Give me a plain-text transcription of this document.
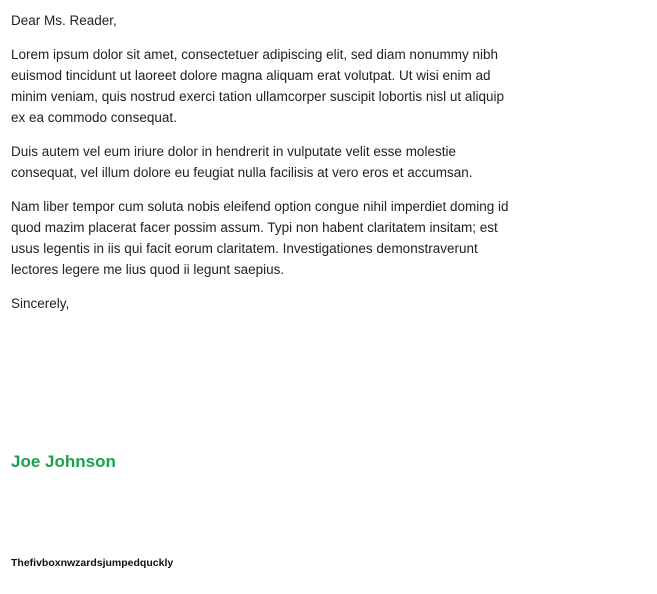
Dear Ms. Reader,

Lorem ipsum dolor sit amet, consectetuer adipiscing elit, sed diam nonummy nibh euismod tincidunt ut laoreet dolore magna aliquam erat volutpat. Ut wisi enim ad minim veniam, quis nostrud exerci tation ullamcorper suscipit lobortis nisl ut aliquip ex ea commodo consequat.

Duis autem vel eum iriure dolor in hendrerit in vulputate velit esse molestie consequat, vel illum dolore eu feugiat nulla facilisis at vero eros et accumsan.

Nam liber tempor cum soluta nobis eleifend option congue nihil imperdiet doming id quod mazim placerat facer possim assum. Typi non habent claritatem insitam; est usus legentis in iis qui facit eorum claritatem. Investigationes demonstraverunt lectores legere me lius quod ii legunt saepius.

Sincerely,

Joe Johnson
Thefivboxnwzardsjumpedquckly
